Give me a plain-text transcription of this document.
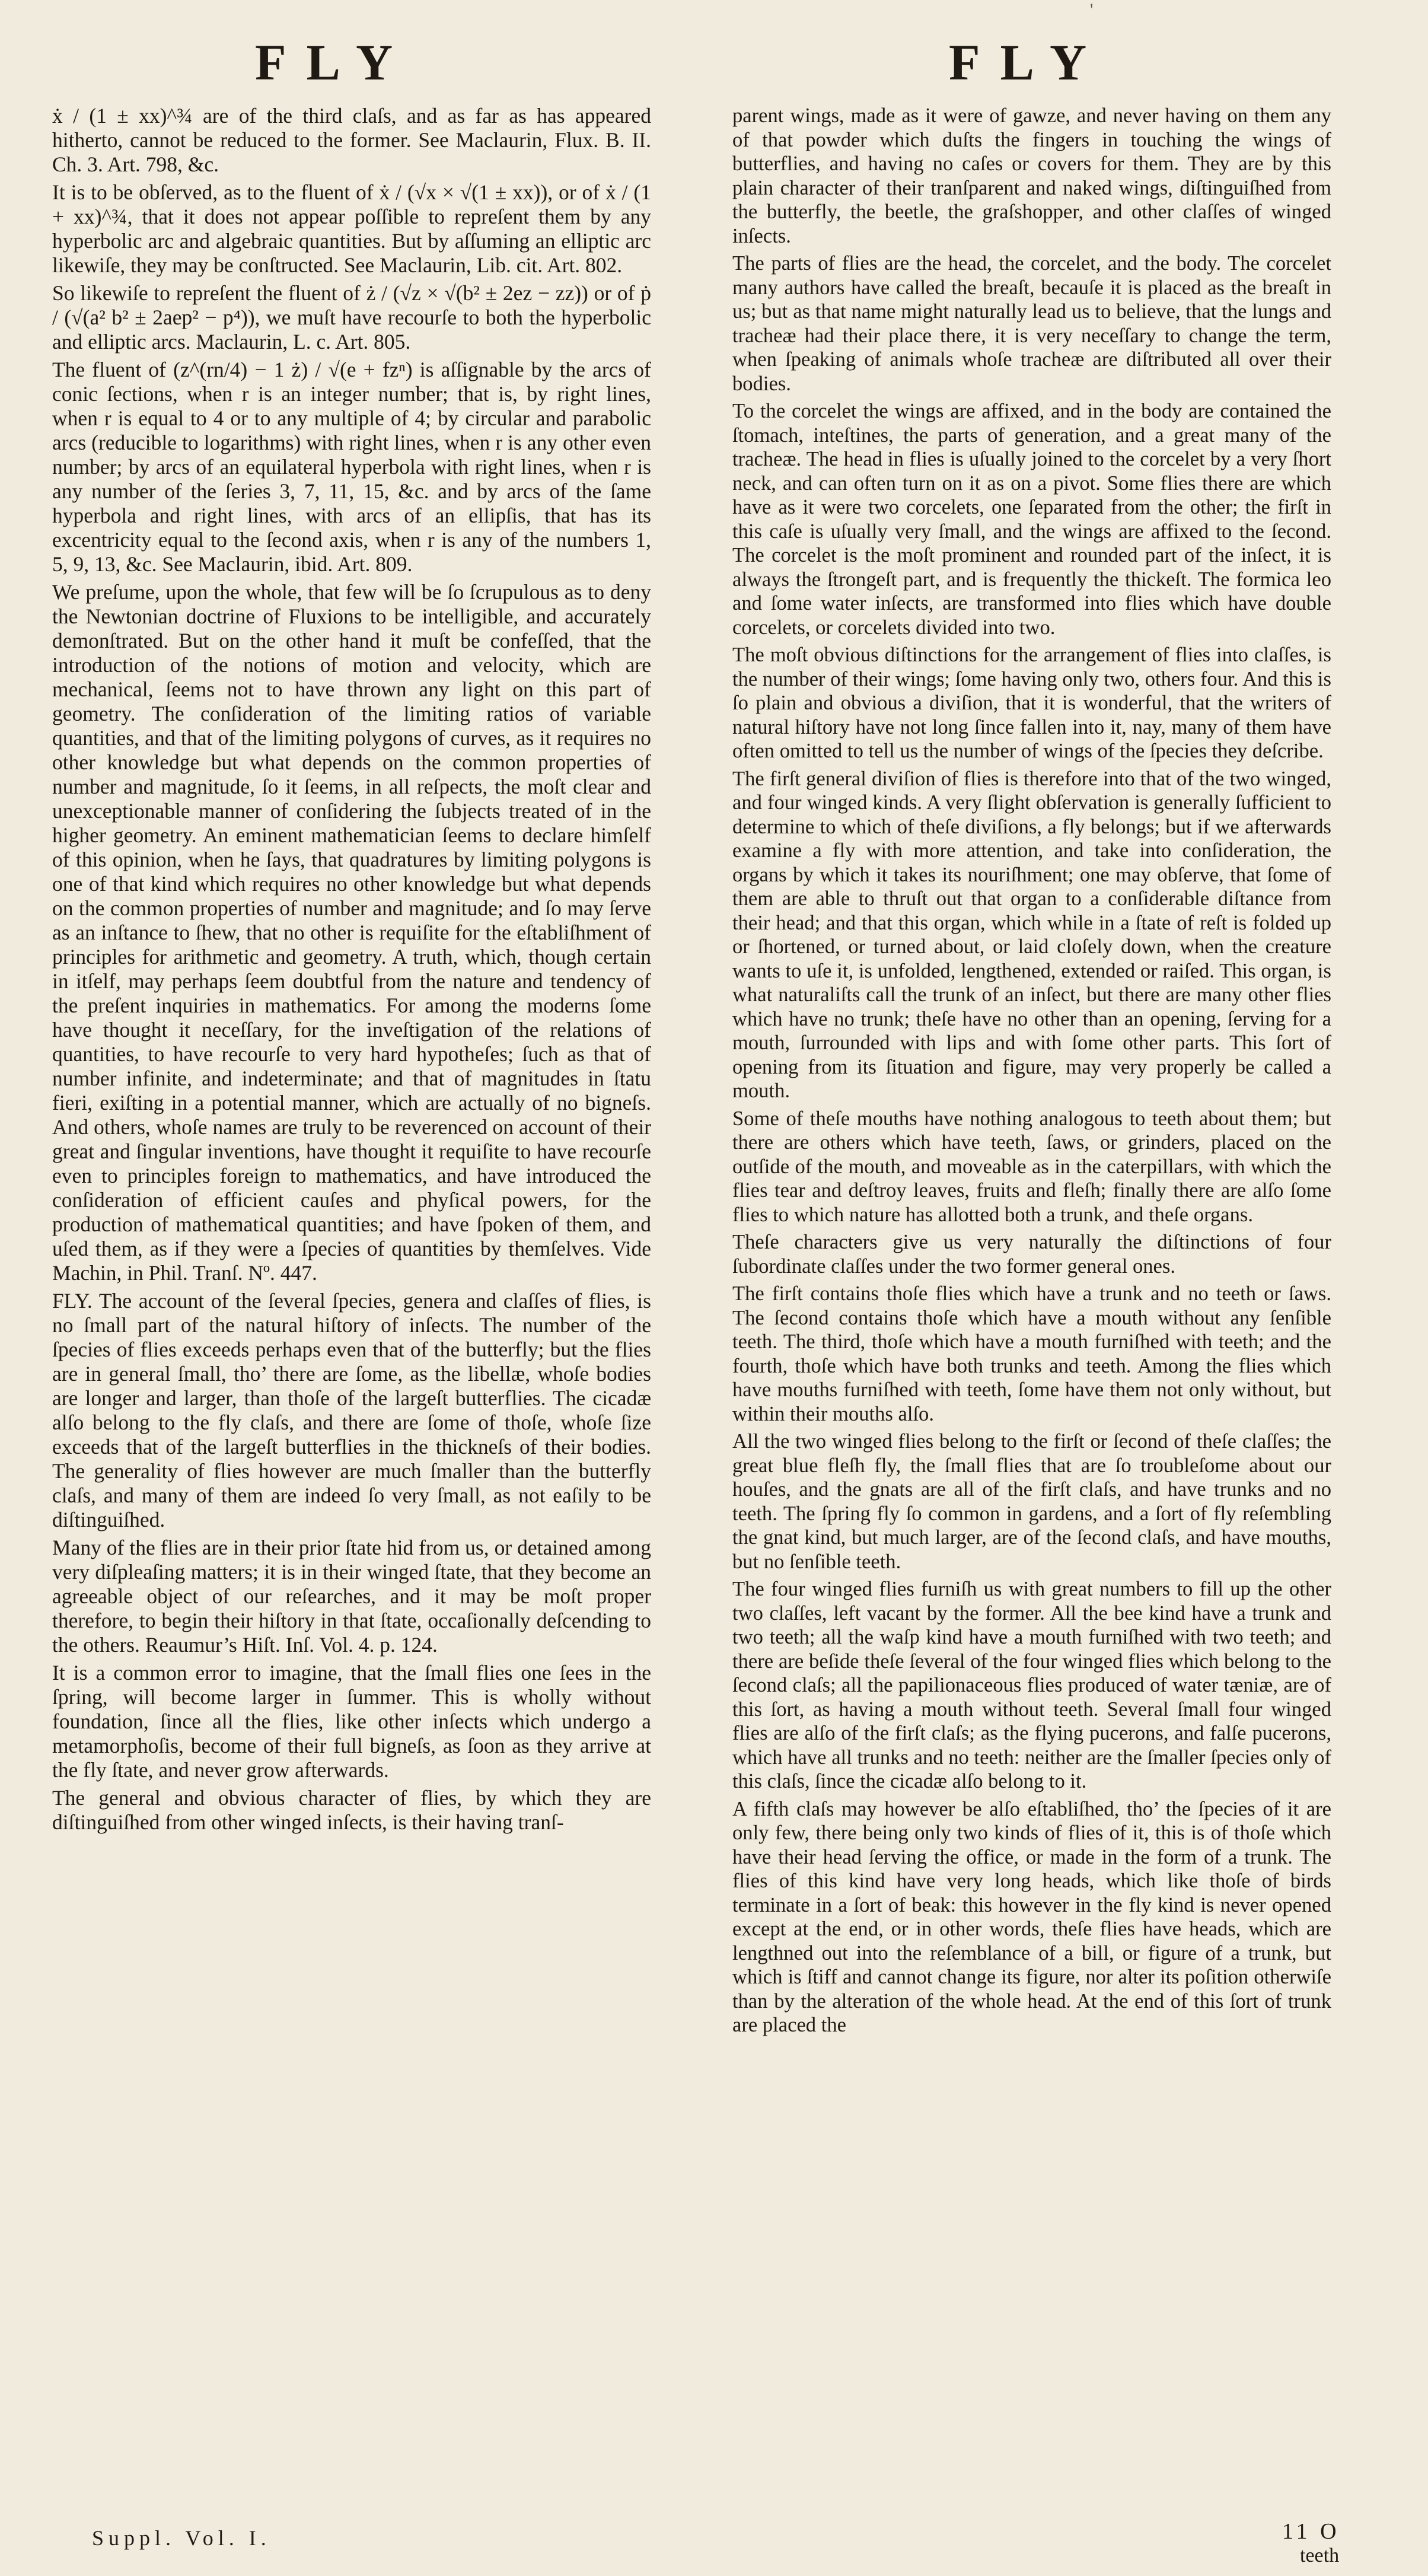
'
FLY	FLY

ẋ / (1 ± xx)^¾ are of the third claſs, and as far as has appeared hitherto, cannot be reduced to the former. See Maclaurin, Flux. B. II. Ch. 3. Art. 798, &c.

It is to be obſerved, as to the fluent of ẋ / (√x × √(1 ± xx)), or of ẋ / (1 + xx)^¾, that it does not appear poſſible to repreſent them by any hyperbolic arc and algebraic quantities. But by aſſuming an elliptic arc likewiſe, they may be conſtructed. See Maclaurin, Lib. cit. Art. 802.

So likewiſe to repreſent the fluent of ż / (√z × √(b² ± 2ez − zz)) or of ṗ / (√(a² b² ± 2aep² − p⁴)), we muſt have recourſe to both the hyperbolic and elliptic arcs. Maclaurin, L. c. Art. 805.

The fluent of (z^(rn/4) − 1 ż) / √(e + fzⁿ) is aſſignable by the arcs of conic ſections, when r is an integer number; that is, by right lines, when r is equal to 4 or to any multiple of 4; by circular and parabolic arcs (reducible to logarithms) with right lines, when r is any other even number; by arcs of an equilateral hyperbola with right lines, when r is any number of the ſeries 3, 7, 11, 15, &c. and by arcs of the ſame hyperbola and right lines, with arcs of an ellipſis, that has its excentricity equal to the ſecond axis, when r is any of the numbers 1, 5, 9, 13, &c. See Maclaurin, ibid. Art. 809.

We preſume, upon the whole, that few will be ſo ſcrupulous as to deny the Newtonian doctrine of Fluxions to be intelligible, and accurately demonſtrated. But on the other hand it muſt be confeſſed, that the introduction of the notions of motion and velocity, which are mechanical, ſeems not to have thrown any light on this part of geometry. The conſideration of the limiting ratios of variable quantities, and that of the limiting polygons of curves, as it requires no other knowledge but what depends on the common properties of number and magnitude, ſo it ſeems, in all reſpects, the moſt clear and unexceptionable manner of conſidering the ſubjects treated of in the higher geometry. An eminent mathematician ſeems to declare himſelf of this opinion, when he ſays, that quadratures by limiting polygons is one of that kind which requires no other knowledge but what depends on the common properties of number and magnitude; and ſo may ſerve as an inſtance to ſhew, that no other is requiſite for the eſtabliſhment of principles for arithmetic and geometry. A truth, which, though certain in itſelf, may perhaps ſeem doubtful from the nature and tendency of the preſent inquiries in mathematics. For among the moderns ſome have thought it neceſſary, for the inveſtigation of the relations of quantities, to have recourſe to very hard hypotheſes; ſuch as that of number infinite, and indeterminate; and that of magnitudes in ſtatu fieri, exiſting in a potential manner, which are actually of no bigneſs. And others, whoſe names are truly to be reverenced on account of their great and ſingular inventions, have thought it requiſite to have recourſe even to principles foreign to mathematics, and have introduced the conſideration of efficient cauſes and phyſical powers, for the production of mathematical quantities; and have ſpoken of them, and uſed them, as if they were a ſpecies of quantities by themſelves. Vide Machin, in Phil. Tranſ. Nº. 447.

FLY. The account of the ſeveral ſpecies, genera and claſſes of flies, is no ſmall part of the natural hiſtory of inſects. The number of the ſpecies of flies exceeds perhaps even that of the butterfly; but the flies are in general ſmall, tho’ there are ſome, as the libellæ, whoſe bodies are longer and larger, than thoſe of the largeſt butterflies. The cicadæ alſo belong to the fly claſs, and there are ſome of thoſe, whoſe ſize exceeds that of the largeſt butterflies in the thickneſs of their bodies. The generality of flies however are much ſmaller than the butterfly claſs, and many of them are indeed ſo very ſmall, as not eaſily to be diſtinguiſhed.

Many of the flies are in their prior ſtate hid from us, or detained among very diſpleaſing matters; it is in their winged ſtate, that they become an agreeable object of our reſearches, and it may be moſt proper therefore, to begin their hiſtory in that ſtate, occaſionally deſcending to the others. Reaumur’s Hiſt. Inſ. Vol. 4. p. 124.

It is a common error to imagine, that the ſmall flies one ſees in the ſpring, will become larger in ſummer. This is wholly without foundation, ſince all the flies, like other inſects which undergo a metamorphoſis, become of their full bigneſs, as ſoon as they arrive at the fly ſtate, and never grow afterwards.

The general and obvious character of flies, by which they are diſtinguiſhed from other winged inſects, is their having tranſ-

parent wings, made as it were of gawze, and never having on them any of that powder which duſts the fingers in touching the wings of butterflies, and having no caſes or covers for them. They are by this plain character of their tranſparent and naked wings, diſtinguiſhed from the butterfly, the beetle, the graſshopper, and other claſſes of winged inſects.

The parts of flies are the head, the corcelet, and the body. The corcelet many authors have called the breaſt, becauſe it is placed as the breaſt in us; but as that name might naturally lead us to believe, that the lungs and tracheæ had their place there, it is very neceſſary to change the term, when ſpeaking of animals whoſe tracheæ are diſtributed all over their bodies.

To the corcelet the wings are affixed, and in the body are contained the ſtomach, inteſtines, the parts of generation, and a great many of the tracheæ. The head in flies is uſually joined to the corcelet by a very ſhort neck, and can often turn on it as on a pivot. Some flies there are which have as it were two corcelets, one ſeparated from the other; the firſt in this caſe is uſually very ſmall, and the wings are affixed to the ſecond. The corcelet is the moſt prominent and rounded part of the inſect, it is always the ſtrongeſt part, and is frequently the thickeſt. The formica leo and ſome water inſects, are transformed into flies which have double corcelets, or corcelets divided into two.

The moſt obvious diſtinctions for the arrangement of flies into claſſes, is the number of their wings; ſome having only two, others four. And this is ſo plain and obvious a diviſion, that it is wonderful, that the writers of natural hiſtory have not long ſince fallen into it, nay, many of them have often omitted to tell us the number of wings of the ſpecies they deſcribe.

The firſt general diviſion of flies is therefore into that of the two winged, and four winged kinds. A very ſlight obſervation is generally ſufficient to determine to which of theſe diviſions, a fly belongs; but if we afterwards examine a fly with more attention, and take into conſideration, the organs by which it takes its nouriſhment; one may obſerve, that ſome of them are able to thruſt out that organ to a conſiderable diſtance from their head; and that this organ, which while in a ſtate of reſt is folded up or ſhortened, or turned about, or laid cloſely down, when the creature wants to uſe it, is unfolded, lengthened, extended or raiſed. This organ, is what naturaliſts call the trunk of an inſect, but there are many other flies which have no trunk; theſe have no other than an opening, ſerving for a mouth, ſurrounded with lips and with ſome other parts. This ſort of opening from its ſituation and figure, may very properly be called a mouth.

Some of theſe mouths have nothing analogous to teeth about them; but there are others which have teeth, ſaws, or grinders, placed on the outſide of the mouth, and moveable as in the caterpillars, with which the flies tear and deſtroy leaves, fruits and fleſh; finally there are alſo ſome flies to which nature has allotted both a trunk, and theſe organs.

Theſe characters give us very naturally the diſtinctions of four ſubordinate claſſes under the two former general ones.

The firſt contains thoſe flies which have a trunk and no teeth or ſaws. The ſecond contains thoſe which have a mouth without any ſenſible teeth. The third, thoſe which have a mouth furniſhed with teeth; and the fourth, thoſe which have both trunks and teeth. Among the flies which have mouths furniſhed with teeth, ſome have them not only without, but within their mouths alſo.

All the two winged flies belong to the firſt or ſecond of theſe claſſes; the great blue fleſh fly, the ſmall flies that are ſo troubleſome about our houſes, and the gnats are all of the firſt claſs, and have trunks and no teeth. The ſpring fly ſo common in gardens, and a ſort of fly reſembling the gnat kind, but much larger, are of the ſecond claſs, and have mouths, but no ſenſible teeth.

The four winged flies furniſh us with great numbers to fill up the other two claſſes, left vacant by the former. All the bee kind have a trunk and two teeth; all the waſp kind have a mouth furniſhed with two teeth; and there are beſide theſe ſeveral of the four winged flies which belong to the ſecond claſs; all the papilionaceous flies produced of water tæniæ, are of this ſort, as having a mouth without teeth. Several ſmall four winged flies are alſo of the firſt claſs; as the flying pucerons, and falſe pucerons, which have all trunks and no teeth: neither are the ſmaller ſpecies only of this claſs, ſince the cicadæ alſo belong to it.

A fifth claſs may however be alſo eſtabliſhed, tho’ the ſpecies of it are only few, there being only two kinds of flies of it, this is of thoſe which have their head ſerving the office, or made in the form of a trunk. The flies of this kind have very long heads, which like thoſe of birds terminate in a ſort of beak: this however in the fly kind is never opened except at the end, or in other words, theſe flies have heads, which are lengthned out into the reſemblance of a bill, or figure of a trunk, but which is ſtiff and cannot change its figure, nor alter its poſition otherwiſe than by the alteration of the whole head. At the end of this ſort of trunk are placed the

Suppl. Vol. I.	11 O
teeth
